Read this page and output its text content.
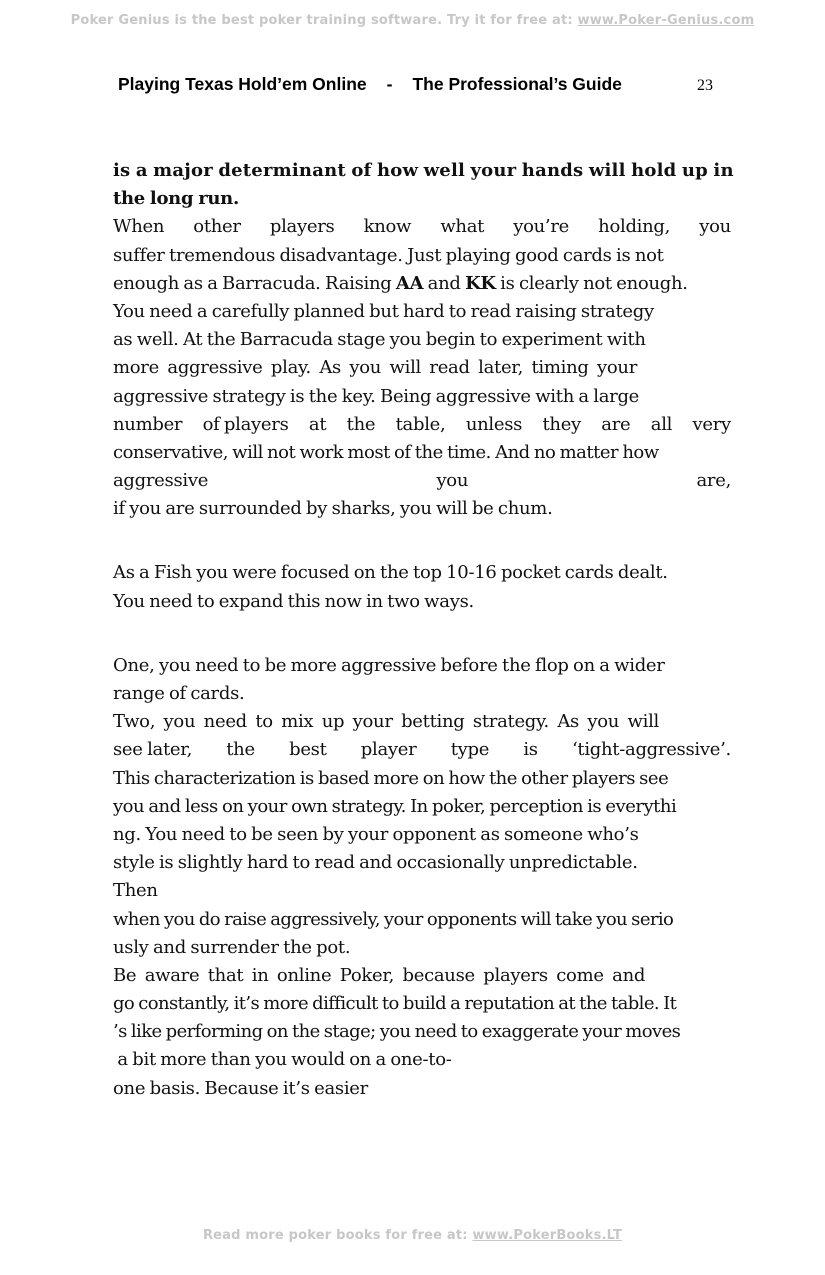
Poker Genius is the best poker training software. Try it for free at: www.Poker-Genius.com
Playing Texas Hold’em Online - The Professional’s Guide	23
is a major determinant of how well your hands will hold up in
the long run.
When other players know what you’re holding, you
suffer tremendous disadvantage. Just playing good cards is not
enough as a Barracuda. Raising AA and KK is clearly not enough.
You need a carefully planned but hard to read raising strategy
as well. At the Barracuda stage you begin to experiment with
more aggressive play. As you will read later, timing your
aggressive strategy is the key. Being aggressive with a large
number of players at the table, unless they are all very
conservative, will not work most of the time. And no matter how
aggressive	you	are,
if you are surrounded by sharks, you will be chum.
As a Fish you were focused on the top 10-16 pocket cards dealt.
You need to expand this now in two ways.
One, you need to be more aggressive before the flop on a wider
range of cards.
Two, you need to mix up your betting strategy. As you will
see later, the best player type is ‘tight-aggressive’.
This characterization is based more on how the other players see
you and less on your own strategy. In poker, perception is everythi
ng. You need to be seen by your opponent as someone who’s
style is slightly hard to read and occasionally unpredictable.
Then
when you do raise aggressively, your opponents will take you serio
usly and surrender the pot.
Be aware that in online Poker, because players come and
go constantly, it’s more difficult to build a reputation at the table. It
’s like performing on the stage; you need to exaggerate your moves
a bit more than you would on a one-to-
one basis. Because it’s easier
Read more poker books for free at: www.PokerBooks.LT
